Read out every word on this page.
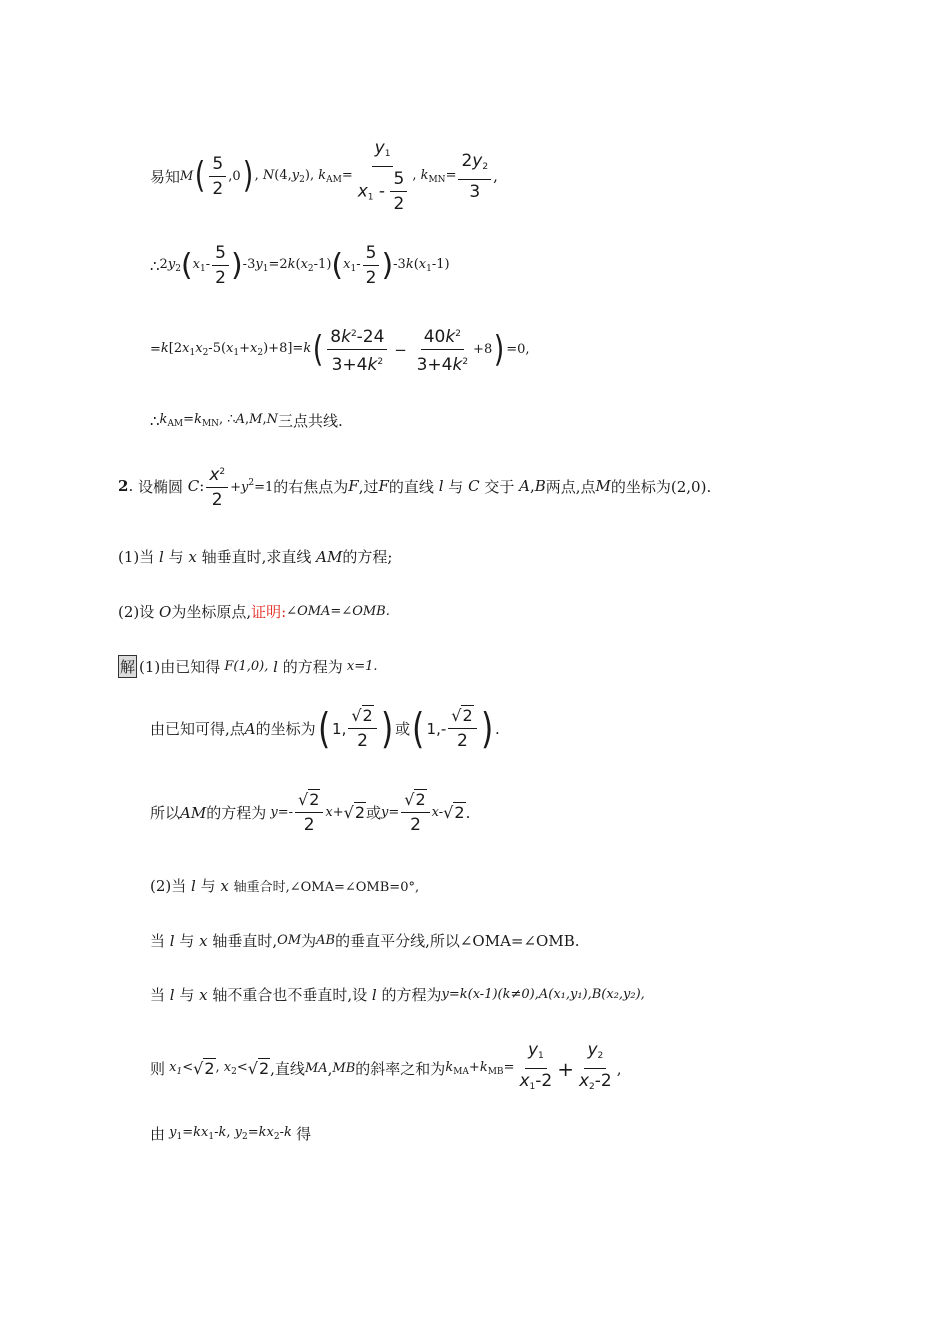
易知 M ( $\frac{5}{2} ,0$ ) , $N(4,y_2)$, $k_{AM}= \frac{y_1}{x_1 - \frac{5}{2}}$ , $k_{MN}= \frac{2y_2}{3}$ ,
∴ $2y_2$ ( $x_1- \frac{5}{2}$ ) $-3y_1=2k(x_2-1)$ ( $x_1- \frac{5}{2}$ ) $-3k(x_1-1)$
= $k[2x_1x_2-5(x_1+x_2)+8]=k$ ( $\frac{8k^2-24}{3+4k^2} - \frac{40k^2}{3+4k^2} +8$ ) =0,
∴ $k_{AM}=k_{MN}$, ∴A,M,N 三点共线.
2 . 设椭圆 C : $\frac{x^2}{2} +y^2=1$ 的右焦点为 F ,过 F 的直线 l 与 C 交于 A , B 两点,点 M 的坐标为(2,0).
(1)当 l 与 x 轴垂直时,求直线 AM 的方程;
(2)设 O 为坐标原点, 证明: ∠OMA=∠OMB.
解 (1)由已知得
F(1,0), l 的方程为
x=1.
由已知可得,点 A 的坐标为 ( 1, $\frac{√2}{2}$ ) 或 ( $1,- \frac{√2}{2}$ ) .
所以 AM 的方程为 $y=- \frac{√2}{2} x+ √2$ 或 $y= \frac{√2}{2} x-$ √2 .
(2)当 l 与 x 轴重合时,∠OMA=∠OMB=0°,
当 l 与 x 轴垂直时, OM 为 AB 的垂直平分线,所以∠OMA=∠OMB.
当 l 与 x 轴不重合也不垂直时,设 l 的方程为 y=k(x-1)(k≠0),A(x₁,y₁),B(x₂,y₂),
则 $x_1< √2$ , $x_2< √2$ ,直线 MA , MB 的斜率之和为 $k_{MA}+k_{MB}= \frac{y_1}{x_1-2} + \frac{y_2}{x_2-2}$ ,
由 $y_1=kx_1-k$, $y_2=kx_2-k$ 得
